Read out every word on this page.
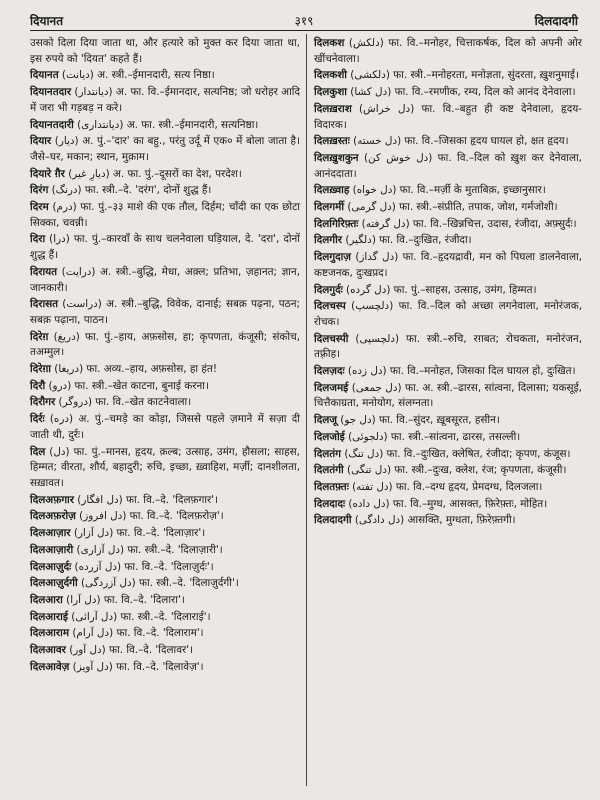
दियानत	३१९	दिलदादगी
उसको दिला दिया जाता था, और हत्यारे को मुक्त कर दिया जाता था, इस रुपये को 'दियत' कहते हैं।
दियानत (دیانت) अ. स्त्री.–ईमानदारी, सत्य निष्ठा।
दियानतदार (دیانتدار) अ. फा. वि.–ईमानदार, सत्यनिष्ठ; जो धरोहर आदि में जरा भी गड़बड़ न करे।
दियानतदारी (دیانتداری) अ. फा. स्त्री.–ईमानदारी, सत्यनिष्ठा।
दियार (دیار) अ. पुं.–'दार' का बहु., परंतु उर्दू में एक० में बोला जाता है। जैसे–घर, मकान; स्थान, मुक़ाम।
दियारे ग़ैर (دیارِ غیر) अ. फा. पुं.–दूसरों का देश, परदेश।
दिरंग (درنگ) फा. स्त्री.–दे. 'दरंग', दोनों शुद्ध हैं।
दिरम (درم) फा. पुं.–३३ माशे की एक तौल, दिर्हम; चाँदी का एक छोटा सिक्का, चवन्नी।
दिरा (درا) फा. पुं.–कारवाँ के साथ चलनेवाला घड़ियाल, दे. 'दरा', दोनों शुद्ध हैं।
दिरायत (درایت) अ. स्त्री.–बुद्धि, मेधा, अक़्ल; प्रतिभा, ज़हानत; ज्ञान, जानकारी।
दिरासत (دراست) अ. स्त्री.–बुद्धि, विवेक, दानाई; सबक़ पढ़ना, पठन; सबक़ पढ़ाना, पाठन।
दिरेग़ (دریغ) फा. पुं.–हाय, अफ़सोस, हा; कृपणता, कंजूसी; संकोच, तअम्मुल।
दिरेग़ा (دریغا) फा. अव्य.–हाय, अफ़सोस, हा हंत!
दिरौ (درو) फा. स्त्री.–खेत काटना, बुनाई करना।
दिरौगर (دروگر) फा. वि.–खेत काटनेवाला।
दिर्रः (دره) अ. पुं.–चमड़े का कोड़ा, जिससे पहले ज़माने में सज़ा दी जाती थी, दुर्रः।
दिल (دل) फा. पुं.–मानस, हृदय, क़ल्ब; उत्साह, उमंग, हौसला; साहस, हिम्मत; वीरता, शौर्य, बहादुरी; रुचि, इच्छा, ख़्वाहिश, मर्ज़ी; दानशीलता, सख़ावत।
दिलअफ़गार (دل افگار) फा. वि.–दे. 'दिलफ़गार'।
दिलअफ़रोज़ (دل افروز) फा. वि.–दे. 'दिलफ़रोज़'।
दिलआज़ार (دل آزار) फा. वि.–दे. 'दिलाज़ार'।
दिलआज़ारी (دل آزاری) फा. स्त्री.–दे. 'दिलाज़ारी'।
दिलआज़ुर्दः (دل آزرده) फा. वि.–दे. 'दिलाज़ुर्दः'।
दिलआज़ुर्दगी (دل آزردگی) फा. स्त्री.–दे. 'दिलाज़ुर्दगी'।
दिलआरा (دل آرا) फा. वि.–दे. 'दिलारा'।
दिलआराई (دل آرائی) फा. स्त्री.–दे. 'दिलाराई'।
दिलआराम (دل آرام) फा. वि.–दे. 'दिलाराम'।
दिलआवर (دل آور) फा. वि.–दे. 'दिलावर'।
दिलआवेज़ (دل آویز) फा. वि.–दे. 'दिलावेज़'।
दिलकश (دلکش) फा. वि.–मनोहर, चित्ताकर्षक, दिल को अपनी ओर खींचनेवाला।
दिलकशी (دلکشی) फा. स्त्री.–मनोहरता, मनोज्ञता, सुंदरता, ख़ुशनुमाई।
दिलकुशा (دل کشا) फा. वि.–रमणीक, रम्य, दिल को आनंद देनेवाला।
दिलख़राश (دل خراش) फा. वि.–बहुत ही कष्ट देनेवाला, हृदय-विदारक।
दिलख़स्तः (دل خسته) फा. वि.–जिसका हृदय घायल हो, क्षत हृदय।
दिलख़ुशकुन (دل خوش کن) फा. वि.–दिल को ख़ुश कर देनेवाला, आनंददाता।
दिलख़्वाह (دل خواه) फा. वि.–मर्ज़ी के मुताबिक़, इच्छानुसार।
दिलगर्मी (دل گرمی) फा. स्त्री.–संप्रीति, तपाक, जोश, गर्मजोशी।
दिलगिरिफ़्तः (دل گرفته) फा. वि.–खिन्नचित्त, उदास, रंजीदा, अफ़्सुर्दः।
दिलगीर (دلگیر) फा. वि.–दुःखित, रंजीदा।
दिलगुदाज़ (دل گداز) फा. वि.–हृदयद्रावी, मन को पिघला डालनेवाला, कष्टजनक, दुःखप्रद।
दिलगुर्दः (دل گرده) फा. पुं.–साहस, उत्साह, उमंग, हिम्मत।
दिलचस्प (دلچسپ) फा. वि.–दिल को अच्छा लगनेवाला, मनोरंजक, रोचक।
दिलचस्पी (دلچسپی) फा. स्त्री.–रुचि, रग़बत; रोचकता, मनोरंजन, तफ़्रीह।
दिलज़दः (دل زده) फा. वि.–मनोहत, जिसका दिल घायल हो, दुःखित।
दिलजमई (دل جمعی) फा. अ. स्त्री.–ढारस, सांत्वना, दिलासा; यकसूई, चित्तैकाग्रता, मनोयोग, संलग्नता।
दिलजू (دل جو) फा. वि.–सुंदर, ख़ूबसूरत, हसीन।
दिलजोई (دلجوئی) फा. स्त्री.–सांत्वना, ढारस, तसल्ली।
दिलतंग (دل تنگ) फा. वि.–दुःखित, क्लेषित, रंजीदा; कृपण, कंजूस।
दिलतंगी (دل تنگی) फा. स्त्री.–दुःख, क्लेश, रंज; कृपणता, कंजूसी।
दिलतफ़्तः (دل تفته) फा. वि.–दग्ध हृदय, प्रेमदग्ध, दिलजला।
दिलदादः (دل داده) फा. वि.–मुग्ध, आसक्त, फ़िरेफ़्तः, मोहित।
दिलदादगी (دل دادگی) आसक्ति, मुग्धता, फ़िरेफ़्तगी।
